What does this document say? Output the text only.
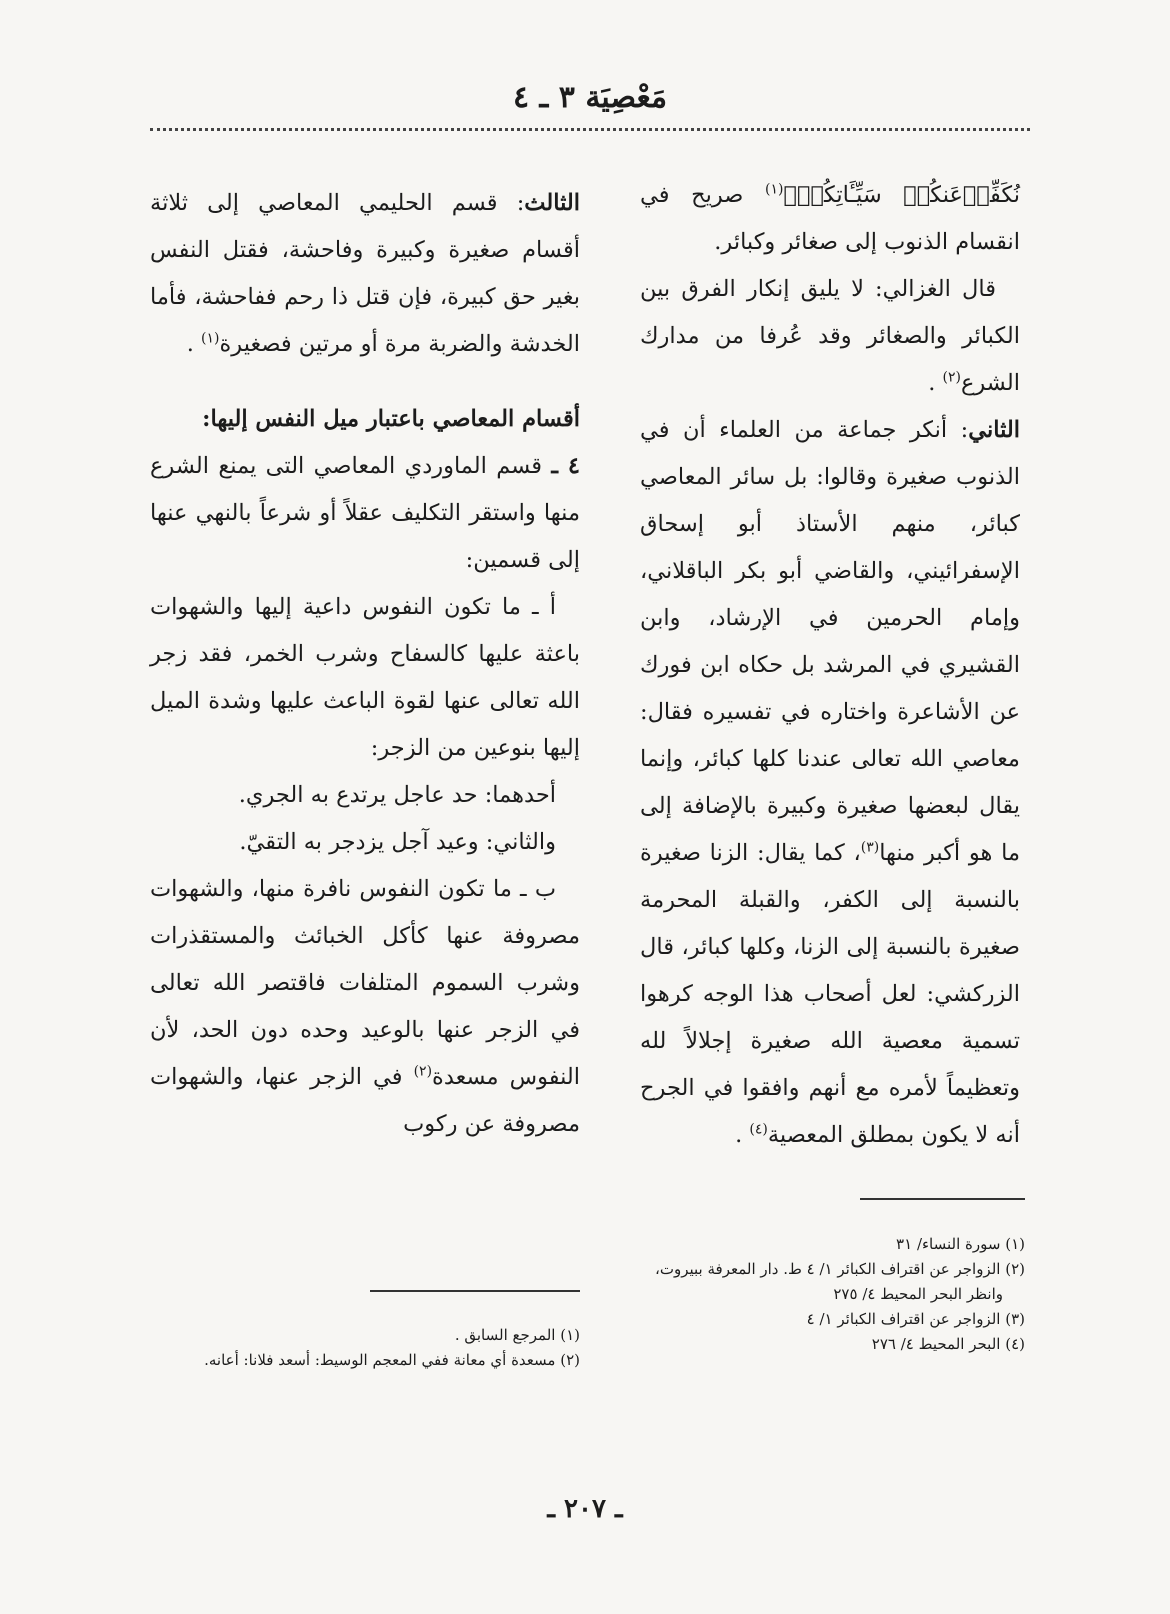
مَعْصِيَة ٣ ـ ٤

نُكَفِّرۡعَنكُمۡ سَيِّـَٔاتِكُمۡ﴾$^{(١)}$ صريح في انقسام الذنوب إلى صغائر وكبائر.

قال الغزالي: لا يليق إنكار الفرق بين الكبائر والصغائر وقد عُرفا من مدارك الشرع$^{(٢)}$ .

الثاني: أنكر جماعة من العلماء أن في الذنوب صغيرة وقالوا: بل سائر المعاصي كبائر، منهم الأستاذ أبو إسحاق الإسفرائيني، والقاضي أبو بكر الباقلاني، وإمام الحرمين في الإرشاد، وابن القشيري في المرشد بل حكاه ابن فورك عن الأشاعرة واختاره في تفسيره فقال: معاصي الله تعالى عندنا كلها كبائر، وإنما يقال لبعضها صغيرة وكبيرة بالإضافة إلى ما هو أكبر منها$^{(٣)}$، كما يقال: الزنا صغيرة بالنسبة إلى الكفر، والقبلة المحرمة صغيرة بالنسبة إلى الزنا، وكلها كبائر، قال الزركشي: لعل أصحاب هذا الوجه كرهوا تسمية معصية الله صغيرة إجلالاً لله وتعظيماً لأمره مع أنهم وافقوا في الجرح أنه لا يكون بمطلق المعصية$^{(٤)}$ .

الثالث: قسم الحليمي المعاصي إلى ثلاثة أقسام صغيرة وكبيرة وفاحشة، فقتل النفس بغير حق كبيرة، فإن قتل ذا رحم ففاحشة، فأما الخدشة والضربة مرة أو مرتين فصغيرة$^{(١)}$ .

أقسام المعاصي باعتبار ميل النفس إليها:

٤ ـ قسم الماوردي المعاصي التى يمنع الشرع منها واستقر التكليف عقلاً أو شرعاً بالنهي عنها إلى قسمين:

أ ـ ما تكون النفوس داعية إليها والشهوات باعثة عليها كالسفاح وشرب الخمر، فقد زجر الله تعالى عنها لقوة الباعث عليها وشدة الميل إليها بنوعين من الزجر:

أحدهما: حد عاجل يرتدع به الجري.

والثاني: وعيد آجل يزدجر به التقيّ.

ب ـ ما تكون النفوس نافرة منها، والشهوات مصروفة عنها كأكل الخبائث والمستقذرات وشرب السموم المتلفات فاقتصر الله تعالى في الزجر عنها بالوعيد وحده دون الحد، لأن النفوس مسعدة$^{(٢)}$ في الزجر عنها، والشهوات مصروفة عن ركوب

(١) سورة النساء/ ٣١
(٢) الزواجر عن اقتراف الكبائر ١/ ٤ ط. دار المعرفة ببيروت،
وانظر البحر المحيط ٤/ ٢٧٥
(٣) الزواجر عن اقتراف الكبائر ١/ ٤
(٤) البحر المحيط ٤/ ٢٧٦
(١) المرجع السابق .
(٢) مسعدة أي معانة ففي المعجم الوسيط: أسعد فلانا: أعانه.
ـ ٢٠٧ ـ
